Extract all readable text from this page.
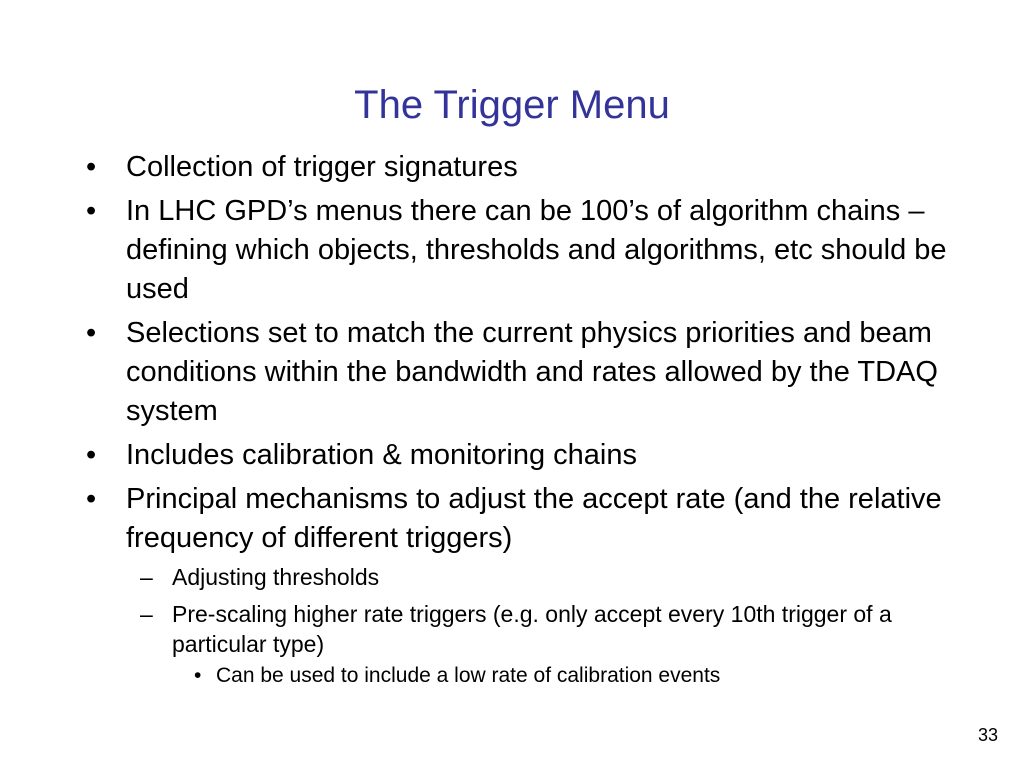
The Trigger Menu
•	Collection of trigger signatures
•	In LHC GPD’s menus there can be 100’s of algorithm chains – defining which objects, thresholds and algorithms, etc should be used
•	Selections set to match the current physics priorities and beam conditions within the bandwidth and rates allowed by the TDAQ system
•	Includes calibration & monitoring chains
•	Principal mechanisms to adjust the accept rate (and the relative frequency of different triggers)
– Adjusting thresholds
– Pre-scaling higher rate triggers (e.g. only accept every 10th trigger of a particular type)
• Can be used to include a low rate of calibration events
33
